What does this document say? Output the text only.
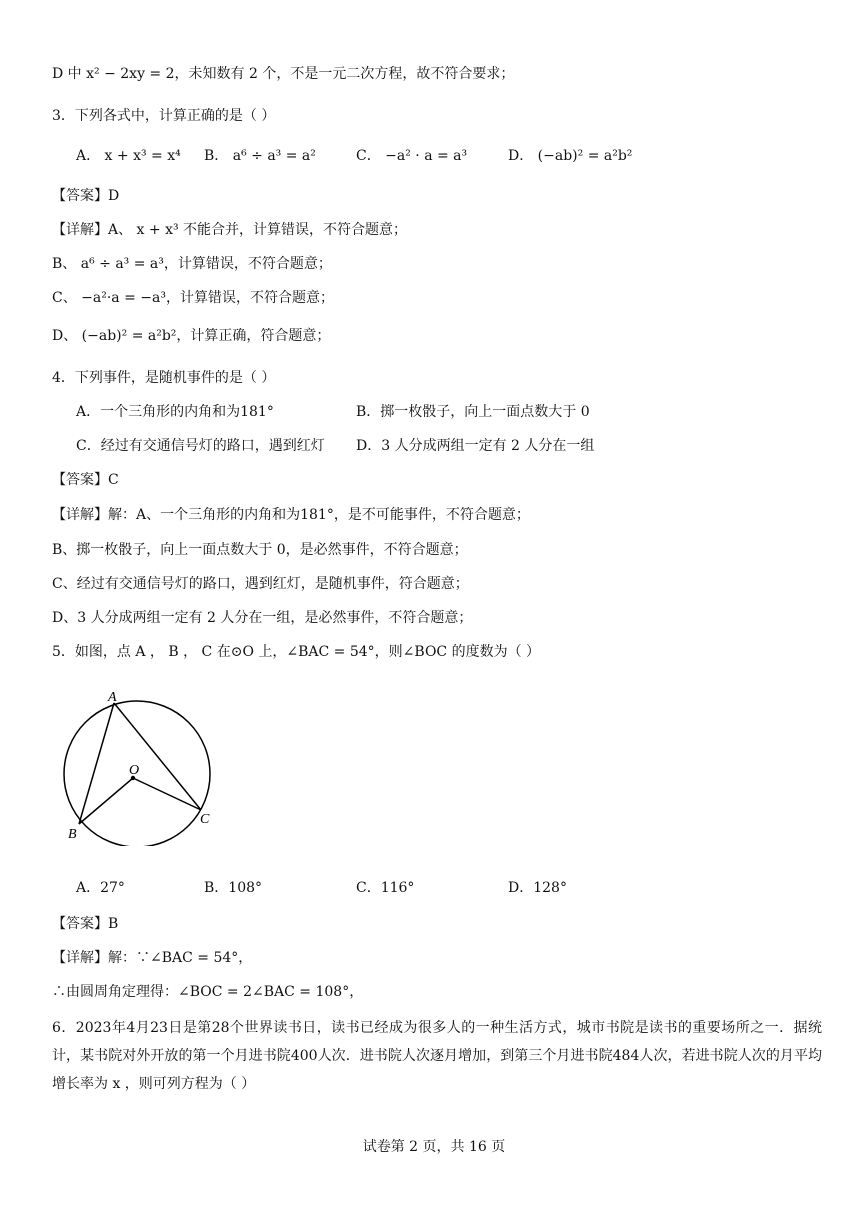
D 中 x² − 2xy = 2，未知数有 2 个，不是一元二次方程，故不符合要求；
3．下列各式中，计算正确的是（ ）
A． x + x³ = x⁴ B． a⁶ ÷ a³ = a²	C． −a² · a = a³	D． (−ab)² = a²b²
【答案】D
【详解】A、 x + x³ 不能合并，计算错误，不符合题意；
B、 a⁶ ÷ a³ = a³，计算错误，不符合题意；
C、 −a²·a = −a³，计算错误，不符合题意；
D、 (−ab)² = a²b²，计算正确，符合题意；
4．下列事件，是随机事件的是（ ）
A．一个三角形的内角和为181°	B．掷一枚骰子，向上一面点数大于 0
C．经过有交通信号灯的路口，遇到红灯 D．3 人分成两组一定有 2 人分在一组
【答案】C
【详解】解：A、一个三角形的内角和为181°，是不可能事件，不符合题意；
B、掷一枚骰子，向上一面点数大于 0，是必然事件，不符合题意；
C、经过有交通信号灯的路口，遇到红灯，是随机事件，符合题意；
D、3 人分成两组一定有 2 人分在一组，是必然事件，不符合题意；
5．如图，点 A ， B ， C 在⊙O 上，∠BAC = 54°，则∠BOC 的度数为（ ）
A
B
C
O
A．27°	B．108°	C．116°	D．128°
【答案】B
【详解】解：∵∠BAC = 54°，
∴由圆周角定理得：∠BOC = 2∠BAC = 108°，
6．2023年4月23日是第28个世界读书日，读书已经成为很多人的一种生活方式，城市书院是读书的重要场所之一．据统计，某书院对外开放的第一个月进书院400人次．进书院人次逐月增加，到第三个月进书院484人次，若进书院人次的月平均增长率为 x ，则可列方程为（ ）
试卷第 2 页，共 16 页
